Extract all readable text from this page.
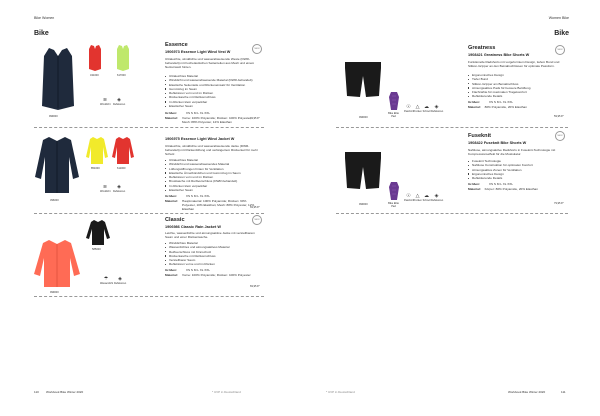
Bike Women	Women Bike
Bike	Bike
999000
431000	617000
≋
Winddicht
◈
Reflektoren
NEW
Essence
1906973 Essence Light Wind Vest W
Ultraleichte, winddichte und wasserabweisende Weste (DWR-behandelt) mit hochelastischen Seitenteilen aus Mesh und einem Netzeinsatz hinten.
Ultraleichtes Material
Winddicht und wasserabweisende Material (DWR-behandelt)
Elastische Seitenteile und Rückeneinsatz für Ventilation
Gummizug im Saum
Reflektoren vorn und im Rücken
Rückentasche mit Reißverschluss
Im Rücken klein verpackbar
Elastischer Saum
Größen:	XS S M L XL XXL
Material:	Vorne: 100% Polyamide; Rücken: 100% Polyester, Mesh: 88% Polyester, 12% Elasthan
49,95 €*
396000
851000	611000
≋
Winddicht
◈
Reflektoren
1906975 Essence Light Wind Jacket W
Ultraleichte, winddichte und wasserabweisende Jacke (DWR-behandelt) mit Rückenlüftung und verlängertem Rückenteil für mehr Schutz.
Ultraleichtes Material
Winddicht und wasserabweisendes Material
Lüftungsöffnungen hinten für Ventilation
Elastische Ärmelbündchen und Gummizug im Saum
Reflektoren vorn und im Rücken
Brusttasche mit Reißverschluss (DWR-behandelt)
Im Rücken klein verpackbar
Elastischer Saum
Größen:	XS S M L XL XXL
Material:	Hauptmaterial: 100% Polyamide; Rücken: 90% Polyester, 10% Elasthan; Mesh: 88% Polyester, 12% Elasthan	69,95 €*
999000
585000
☂
Wasserdicht
◈
Reflektoren
NEW
Classic
1906986 Classic Rain Jacket W
Leichte, wasserdichte und atmungsaktive Jacke mit verstellbarem Saum und einer Rückentasche.
Winddichtes Material
Wasserdichtes und atmungsaktives Material
Reißverschluss mit Kinnschutz
Rückentasche mit Reißverschluss
Verstellbarer Saum
Reflektoren vorne und im Rücken
Größen:	XS S M L XL XXL
Material:	Vorne: 100% Polyamide; Rücken: 100% Polyester
69,95 €*
999000
Bike Elite Pad
☉
Passform
△
Trocken
☁
Schnell
◈
Reflektoren
NEW
Greatness
1908421 Greatness Bike Shorts W
Funktionelle Radshorts mit vorgeformtem Design, tiefem Bund und Silikon-Gripper an den Beinabschlüssen für optimale Passform.
Ergonomisches Design
Tiefer Bund
Silikon-Gripper am Beinabschluss
Atmungsaktive Pads für bessere Belüftung
Flachnähte für maximalen Tragekomfort
Reflektierende Details
Größen:	XS S M L XL XXL
Material: 80% Polyamide, 20% Elasthan
59,95 €*
999000	Bike Elite Pad
☉
Passform
△
Trocken
☁
Schnell
◈
Reflektoren
NEW
Fuseknit
1908422 Fuseknit Bike Shorts W
Nahtlose, atmungsaktive Radshorts in Fuseknit-Technologie mit Kompressionseffekt für die Muskulatur.
Fuseknit Technologie
Nahtlose Konstruktion für optimalen Komfort
Atmungsaktive Zonen für Ventilation
Ergonomisches Design
Reflektierende Details
Größen:	XS S M L XL XXL
Material: Körper: 80% Polyamide, 20% Elasthan
79,95 €*
110 Workbook Bike Winter 2020	* UVP in Deutschland	* UVP in Deutschland	Workbook Bike Winter 2020	111
